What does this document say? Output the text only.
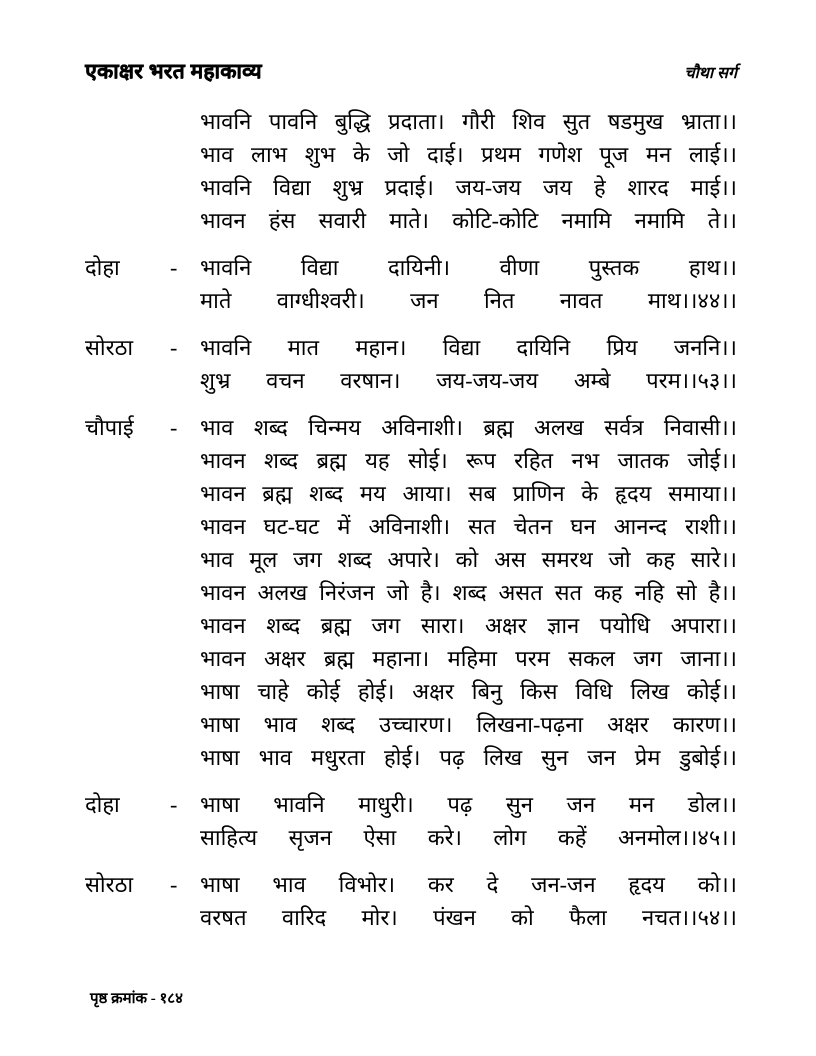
एकाक्षर भरत महाकाव्य	चौथा सर्ग
भावनि पावनि बुद्धि प्रदाता। गौरी शिव सुत षडमुख भ्राता।।
भाव लाभ शुभ के जो दाई। प्रथम गणेश पूज मन लाई।।
भावनि विद्या शुभ्र प्रदाई। जय-जय जय हे शारद माई।।
भावन हंस सवारी माते। कोटि-कोटि नमामि नमामि ते।।
दोहा	-	भावनि विद्या दायिनी। वीणा पुस्तक हाथ।।
माते वाग्धीश्वरी। जन नित नावत माथ।।४४।।
सोरठा	-	भावनि मात महान। विद्या दायिनि प्रिय जननि।।
शुभ्र वचन वरषान। जय-जय-जय अम्बे परम।।५३।।
चौपाई	-	भाव शब्द चिन्मय अविनाशी। ब्रह्म अलख सर्वत्र निवासी।।
भावन शब्द ब्रह्म यह सोई। रूप रहित नभ जातक जोई।।
भावन ब्रह्म शब्द मय आया। सब प्राणिन के हृदय समाया।।
भावन घट-घट में अविनाशी। सत चेतन घन आनन्द राशी।।
भाव मूल जग शब्द अपारे। को अस समरथ जो कह सारे।।
भावन अलख निरंजन जो है। शब्द असत सत कह नहि सो है।।
भावन शब्द ब्रह्म जग सारा। अक्षर ज्ञान पयोधि अपारा।।
भावन अक्षर ब्रह्म महाना। महिमा परम सकल जग जाना।।
भाषा चाहे कोई होई। अक्षर बिनु किस विधि लिख कोई।।
भाषा भाव शब्द उच्चारण। लिखना-पढ़ना अक्षर कारण।।
भाषा भाव मधुरता होई। पढ़ लिख सुन जन प्रेम डुबोई।।
दोहा	-	भाषा भावनि माधुरी। पढ़ सुन जन मन डोल।।
साहित्य सृजन ऐसा करे। लोग कहें अनमोल।।४५।।
सोरठा	-	भाषा भाव विभोर। कर दे जन-जन हृदय को।।
वरषत वारिद मोर। पंखन को फैला नचत।।५४।।
पृष्ठ क्रमांक - १८४
